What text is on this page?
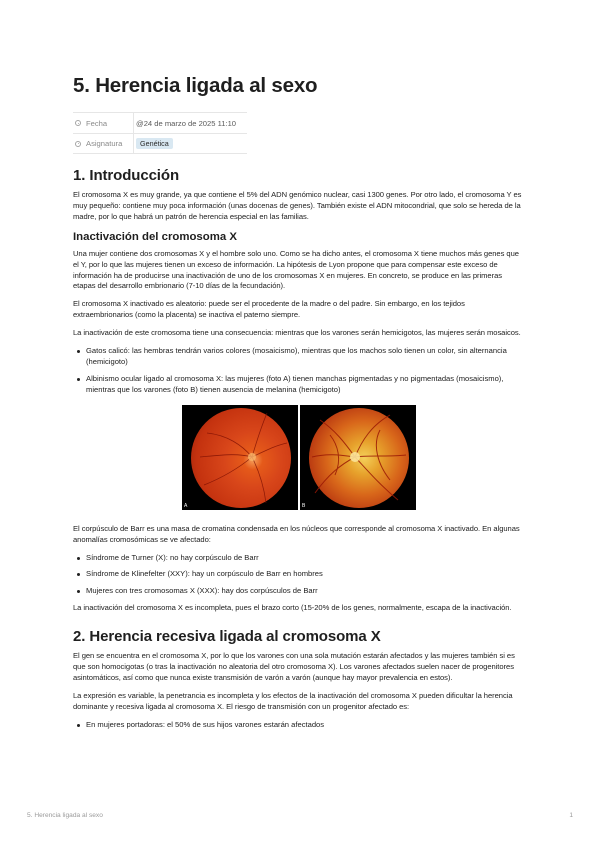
5. Herencia ligada al sexo
Fecha	@24 de marzo de 2025 11:10
Asignatura	Genética
1. Introducción

El cromosoma X es muy grande, ya que contiene el 5% del ADN genómico nuclear, casi 1300 genes. Por otro lado, el cromosoma Y es muy pequeño: contiene muy poca información (unas docenas de genes). También existe el ADN mitocondrial, que solo se hereda de la madre, por lo que habrá un patrón de herencia especial en las familias.

Inactivación del cromosoma X

Una mujer contiene dos cromosomas X y el hombre solo uno. Como se ha dicho antes, el cromosoma X tiene muchos más genes que el Y, por lo que las mujeres tienen un exceso de información. La hipótesis de Lyon propone que para compensar este exceso de información ha de producirse una inactivación de uno de los cromosomas X en mujeres. En concreto, se produce en las primeras etapas del desarrollo embrionario (7-10 días de la fecundación).

El cromosoma X inactivado es aleatorio: puede ser el procedente de la madre o del padre. Sin embargo, en los tejidos extraembrionarios (como la placenta) se inactiva el paterno siempre.

La inactivación de este cromosoma tiene una consecuencia: mientras que los varones serán hemicigotos, las mujeres serán mosaicos.

Gatos calicó: las hembras tendrán varios colores (mosaicismo), mientras que los machos solo tienen un color, sin alternancia (hemicigoto)
Albinismo ocular ligado al cromosoma X: las mujeres (foto A) tienen manchas pigmentadas y no pigmentadas (mosaicismo), mientras que los varones (foto B) tienen ausencia de melanina (hemicigoto)
A	B

El corpúsculo de Barr es una masa de cromatina condensada en los núcleos que corresponde al cromosoma X inactivado. En algunas anomalías cromosómicas se ve afectado:

Síndrome de Turner (X): no hay corpúsculo de Barr
Síndrome de Klinefelter (XXY): hay un corpúsculo de Barr en hombres
Mujeres con tres cromosomas X (XXX): hay dos corpúsculos de Barr

La inactivación del cromosoma X es incompleta, pues el brazo corto (15-20% de los genes, normalmente, escapa de la inactivación.

2. Herencia recesiva ligada al cromosoma X

El gen se encuentra en el cromosoma X, por lo que los varones con una sola mutación estarán afectados y las mujeres también si es que son homocigotas (o tras la inactivación no aleatoria del otro cromosoma X). Los varones afectados suelen nacer de progenitores asintomáticos, así como que nunca existe transmisión de varón a varón (aunque hay mayor prevalencia en estos).

La expresión es variable, la penetrancia es incompleta y los efectos de la inactivación del cromosoma X pueden dificultar la herencia dominante y recesiva ligada al cromosoma X. El riesgo de transmisión con un progenitor afectado es:

En mujeres portadoras: el 50% de sus hijos varones estarán afectados
5. Herencia ligada al sexo	1
